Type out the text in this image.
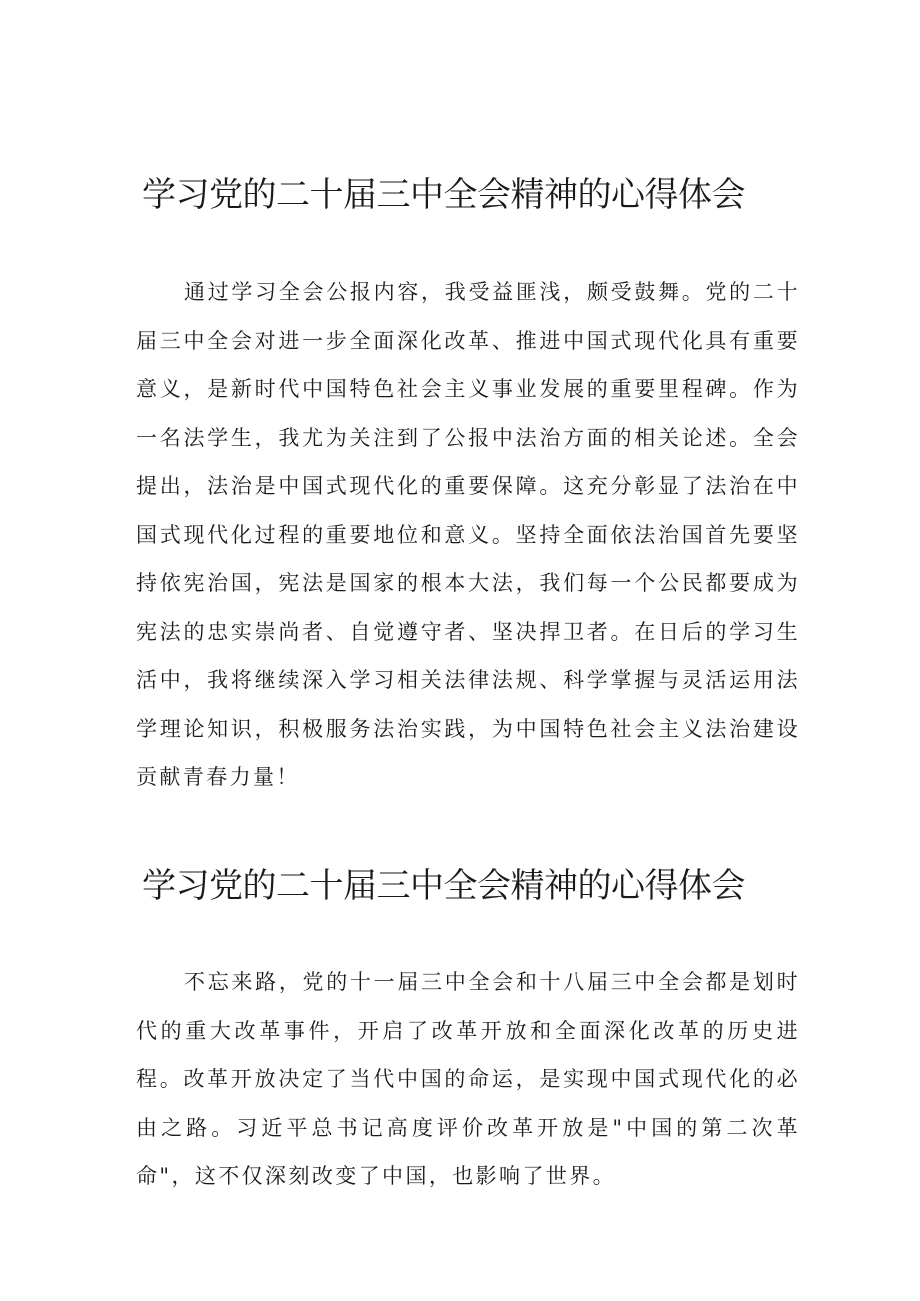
学习党的二十届三中全会精神的心得体会

通过学习全会公报内容，我受益匪浅，颇受鼓舞。党的二十届三中全会对进一步全面深化改革、推进中国式现代化具有重要意义，是新时代中国特色社会主义事业发展的重要里程碑。作为一名法学生，我尤为关注到了公报中法治方面的相关论述。全会提出，法治是中国式现代化的重要保障。这充分彰显了法治在中国式现代化过程的重要地位和意义。坚持全面依法治国首先要坚持依宪治国，宪法是国家的根本大法，我们每一个公民都要成为宪法的忠实崇尚者、自觉遵守者、坚决捍卫者。在日后的学习生活中，我将继续深入学习相关法律法规、科学掌握与灵活运用法学理论知识，积极服务法治实践，为中国特色社会主义法治建设贡献青春力量！

学习党的二十届三中全会精神的心得体会

不忘来路，党的十一届三中全会和十八届三中全会都是划时代的重大改革事件，开启了改革开放和全面深化改革的历史进程。改革开放决定了当代中国的命运，是实现中国式现代化的必由之路。习近平总书记高度评价改革开放是"中国的第二次革命"，这不仅深刻改变了中国，也影响了世界。
